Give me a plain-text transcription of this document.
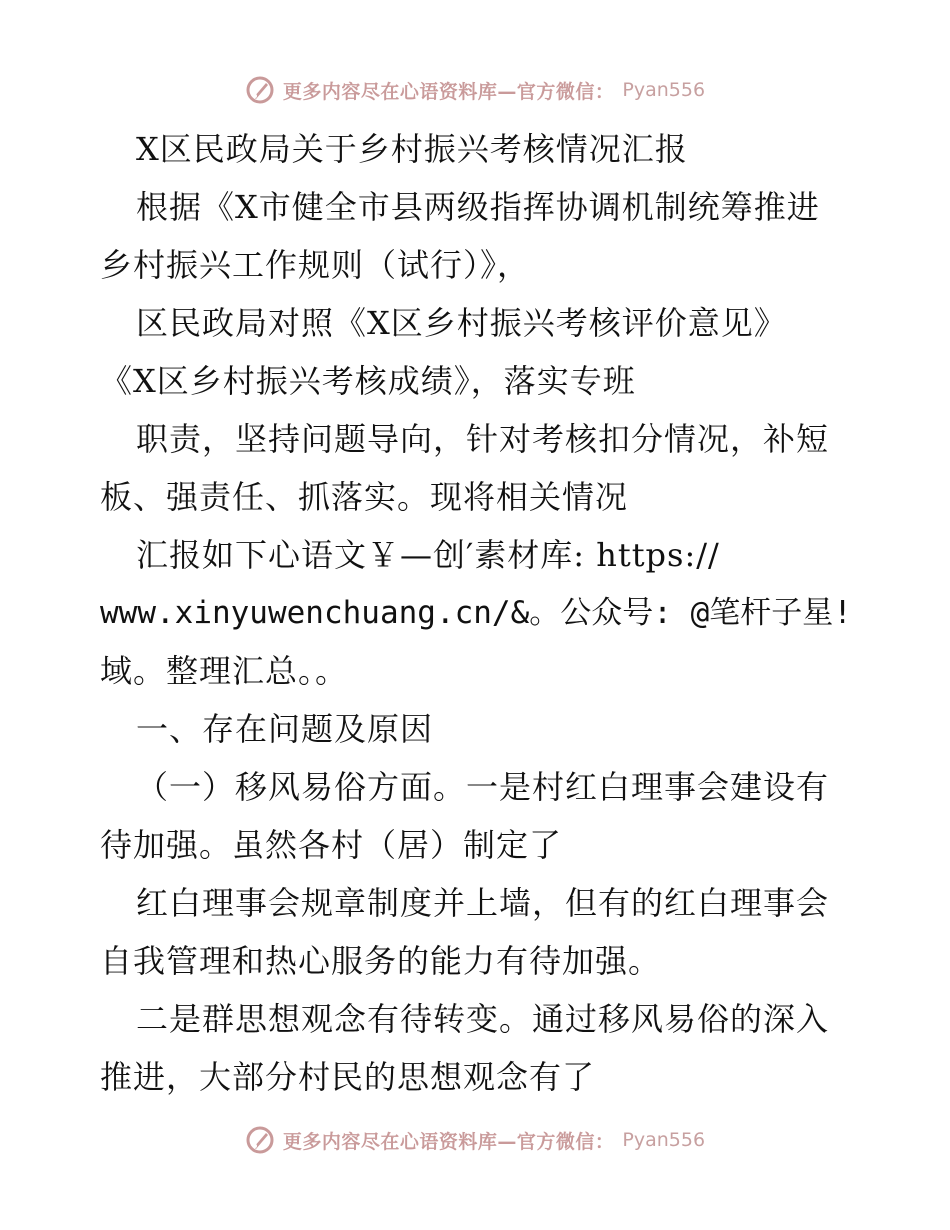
更多内容尽在心语资料库—官方微信： Pyan556
X区民政局关于乡村振兴考核情况汇报
根据《X市健全市县两级指挥协调机制统筹推进
乡村振兴工作规则（试行）》，
区民政局对照《X区乡村振兴考核评价意见》
《X区乡村振兴考核成绩》，落实专班
职责，坚持问题导向，针对考核扣分情况，补短
板、强责任、抓落实。现将相关情况
汇报如下心语文￥—创′素材库: https://
www.xinyuwenchuang.cn/&。公众号: @笔杆子星!
域。整理汇总。。
一、存在问题及原因
（一）移风易俗方面。一是村红白理事会建设有
待加强。虽然各村（居）制定了
红白理事会规章制度并上墙，但有的红白理事会
自我管理和热心服务的能力有待加强。
二是群思想观念有待转变。通过移风易俗的深入
推进，大部分村民的思想观念有了
更多内容尽在心语资料库—官方微信： Pyan556
